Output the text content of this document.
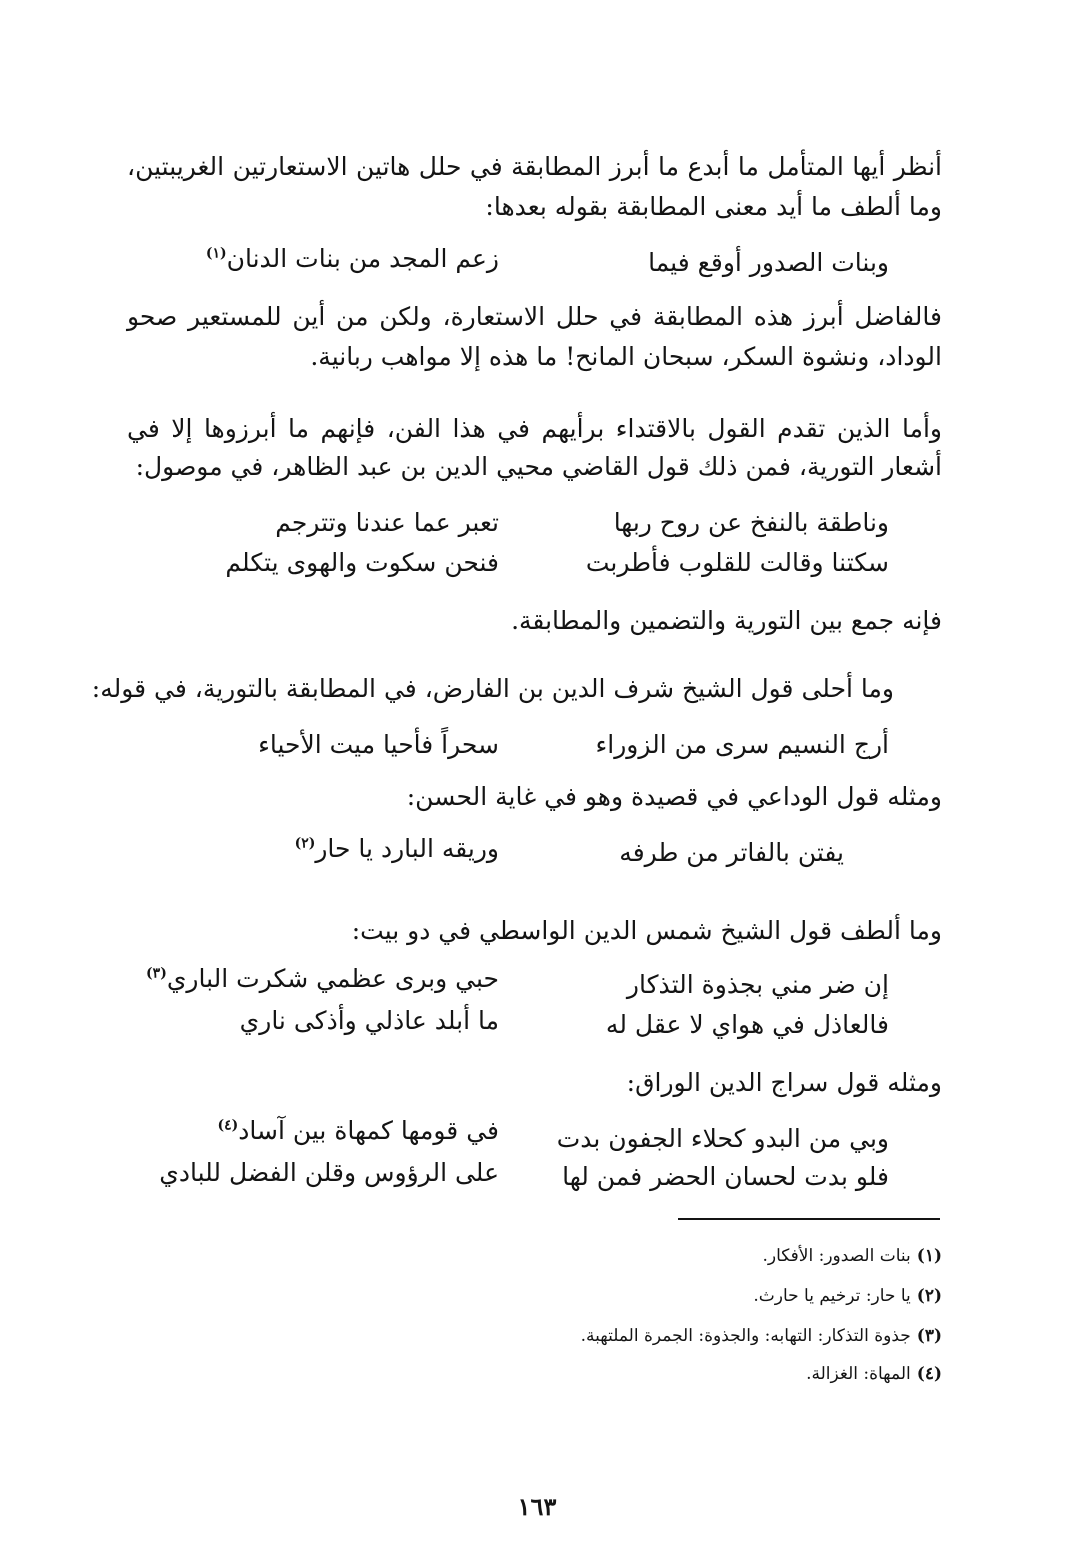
أنظر أيها المتأمل ما أبدع ما أبرز المطابقة في حلل هاتين الاستعارتين الغريبتين،
وما ألطف ما أيد معنى المطابقة بقوله بعدها:
وبنات الصدور أوقع فيما
زعم المجد من بنات الدنان$^{(١)}$
فالفاضل أبرز هذه المطابقة في حلل الاستعارة، ولكن من أين للمستعير صحو
الوداد، ونشوة السكر، سبحان المانح! ما هذه إلا مواهب ربانية.
وأما الذين تقدم القول بالاقتداء برأيهم في هذا الفن، فإنهم ما أبرزوها إلا في
أشعار التورية، فمن ذلك قول القاضي محيي الدين بن عبد الظاهر، في موصول:
وناطقة بالنفخ عن روح ربها
تعبر عما عندنا وتترجم
سكتنا وقالت للقلوب فأطربت
فنحن سكوت والهوى يتكلم
فإنه جمع بين التورية والتضمين والمطابقة.
وما أحلى قول الشيخ شرف الدين بن الفارض، في المطابقة بالتورية، في قوله:
أرج النسيم سرى من الزوراء
سحراً فأحيا ميت الأحياء
ومثله قول الوداعي في قصيدة وهو في غاية الحسن:
يفتن بالفاتر من طرفه
وريقه البارد يا حار$^{(٢)}$
وما ألطف قول الشيخ شمس الدين الواسطي في دو بيت:
إن ضر مني بجذوة التذكار
حبي وبرى عظمي شكرت الباري$^{(٣)}$
فالعاذل في هواي لا عقل له
ما أبلد عاذلي وأذكى ناري
ومثله قول سراج الدين الوراق:
وبي من البدو كحلاء الجفون بدت
في قومها كمهاة بين آساد$^{(٤)}$
فلو بدت لحسان الحضر فمن لها
على الرؤوس وقلن الفضل للبادي
(١)بنات الصدور: الأفكار.
(٢)يا حار: ترخيم يا حارث.
(٣)جذوة التذكار: التهابه: والجذوة: الجمرة الملتهبة.
(٤)المهاة: الغزالة.
١٦٣
